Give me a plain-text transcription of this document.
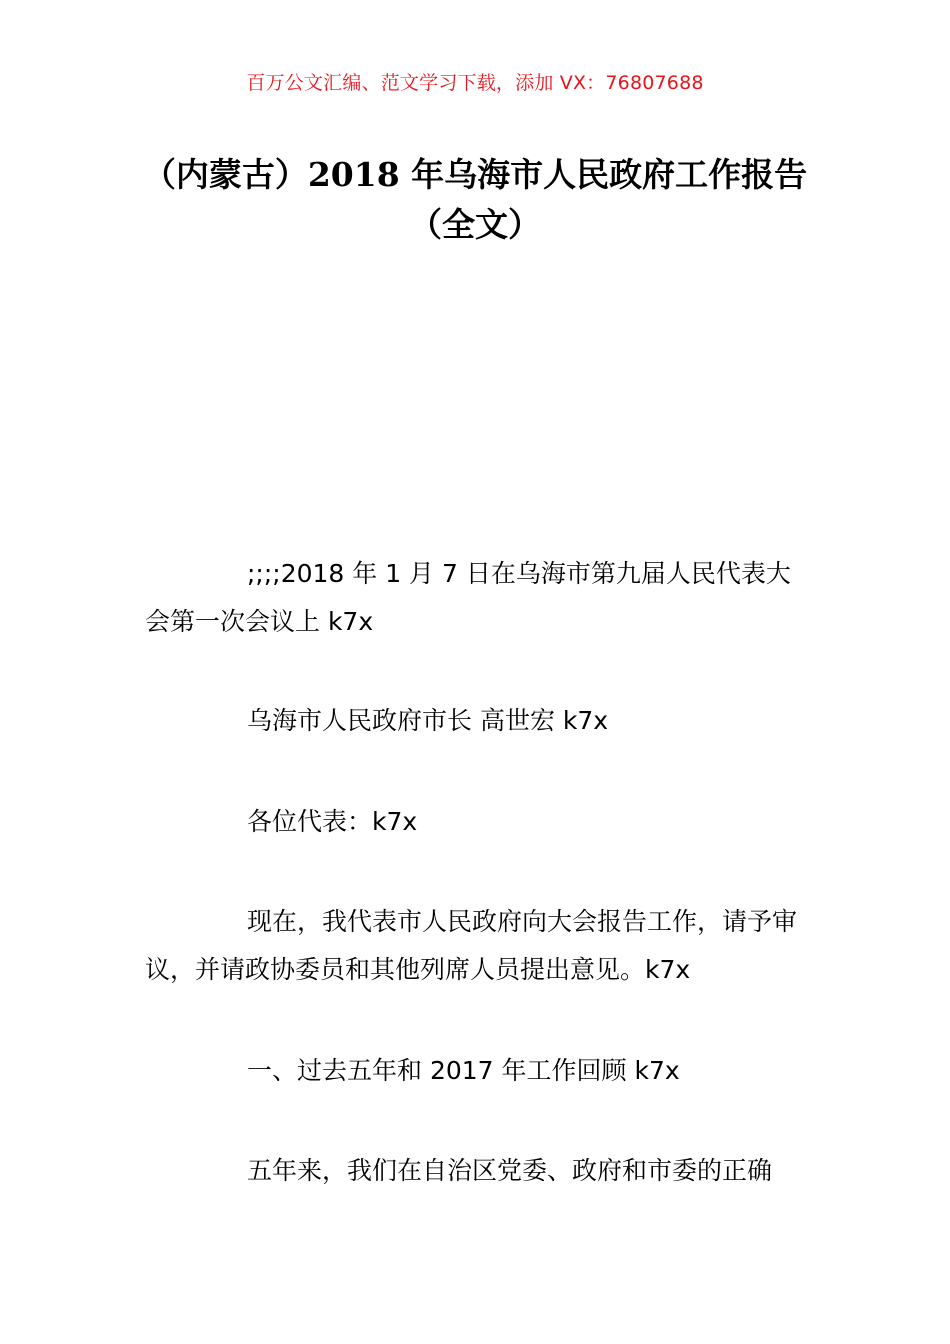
百万公文汇编、范文学习下载，添加 VX：76807688
（内蒙古）2018 年乌海市人民政府工作报告（全文）

;;;;2018 年 1 月 7 日在乌海市第九届人民代表大会第一次会议上 k7x

乌海市人民政府市长 高世宏 k7x

各位代表：k7x

现在，我代表市人民政府向大会报告工作，请予审议，并请政协委员和其他列席人员提出意见。k7x

一、过去五年和 2017 年工作回顾 k7x

五年来，我们在自治区党委、政府和市委的正确
